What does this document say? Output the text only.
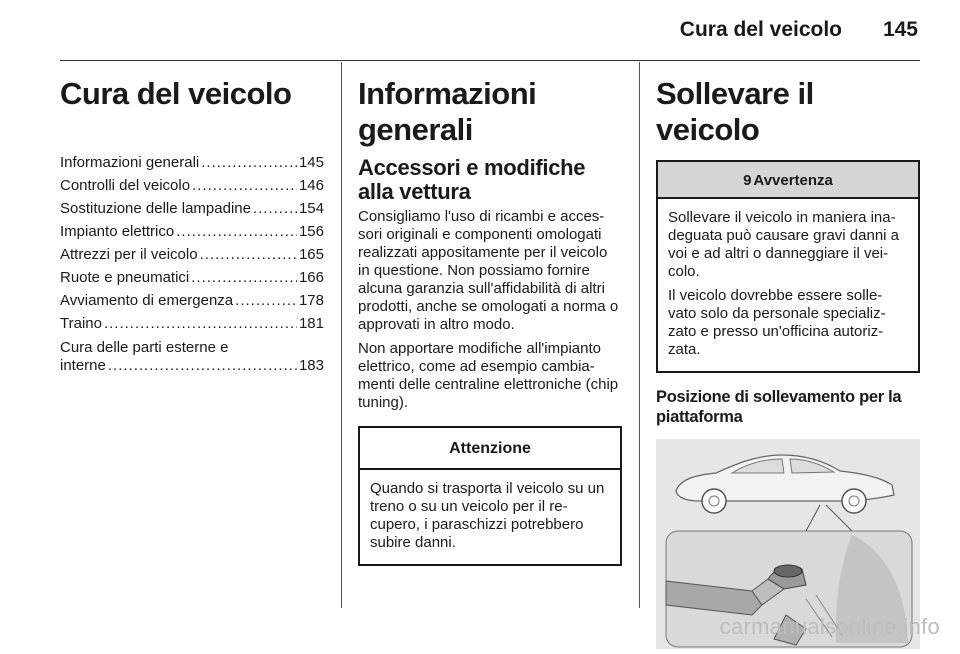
Cura del veicolo 145
Cura del veicolo
Informazioni generali .....	145
Controlli del veicolo .....	146
Sostituzione delle lampadine .....	154
Impianto elettrico .....	156
Attrezzi per il veicolo .....	165
Ruote e pneumatici .....	166
Avviamento di emergenza .....	178
Traino .....	181
Cura delle parti esterne e
interne .....	183
Informazioni generali
Accessori e modifiche alla vettura

Consigliamo l'uso di ricambi e acces-sori originali e componenti omologati realizzati appositamente per il veicolo in questione. Non possiamo fornire alcuna garanzia sull'affidabilità di altri prodotti, anche se omologati a norma o approvati in altro modo.

Non apportare modifiche all'impianto elettrico, come ad esempio cambia-menti delle centraline elettroniche (chip tuning).

Attenzione

Quando si trasporta il veicolo su un treno o su un veicolo per il re-cupero, i paraschizzi potrebbero subire danni.

Sollevare il veicolo
9 Avvertenza

Sollevare il veicolo in maniera ina-deguata può causare gravi danni a voi e ad altri o danneggiare il vei-colo.

Il veicolo dovrebbe essere solle-vato solo da personale specializ-zato e presso un'officina autoriz-zata.

Posizione di sollevamento per la piattaforma
carmanualsonline.info
